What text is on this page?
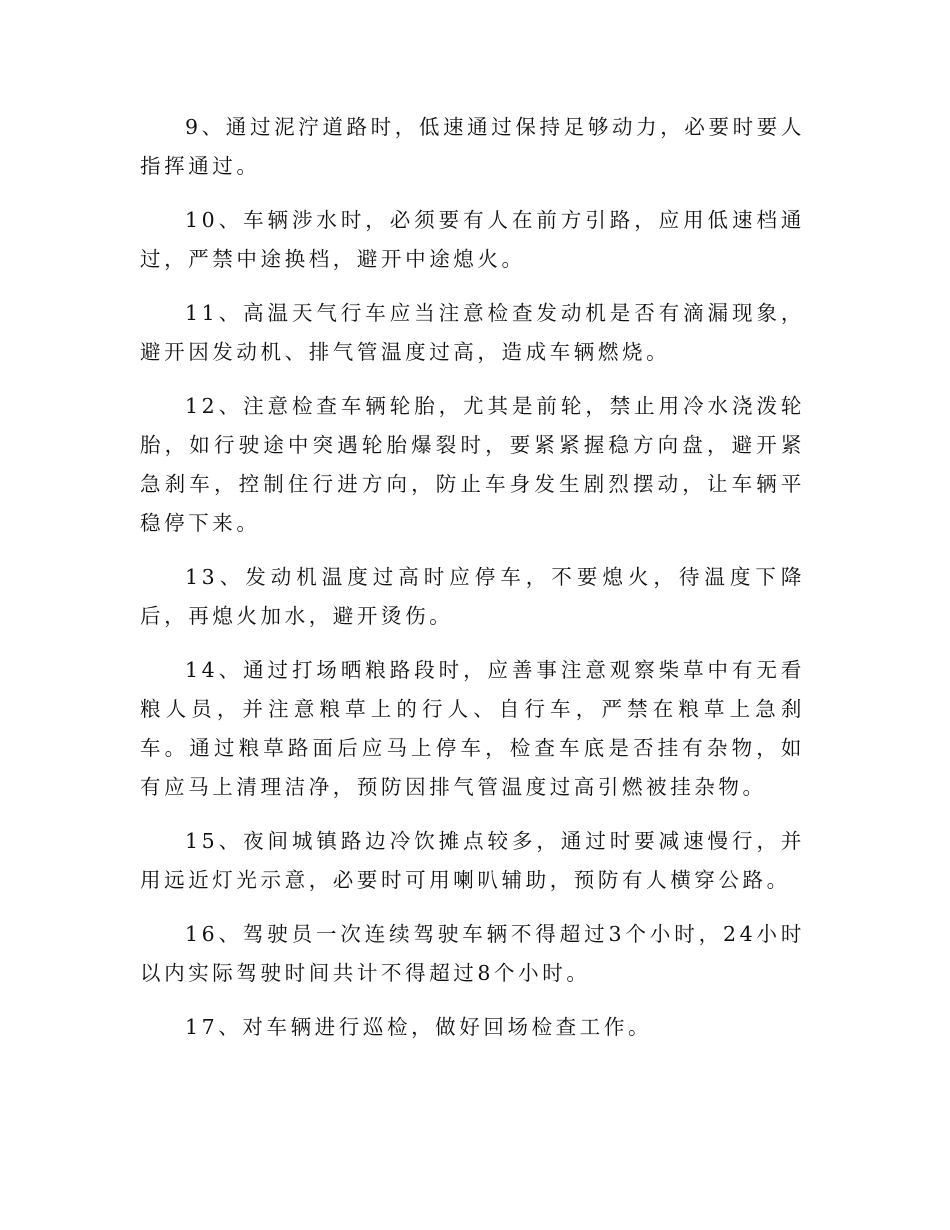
9、通过泥泞道路时，低速通过保持足够动力，必要时要人指挥通过。

10、车辆涉水时，必须要有人在前方引路，应用低速档通过，严禁中途换档，避开中途熄火。

11、高温天气行车应当注意检查发动机是否有滴漏现象，避开因发动机、排气管温度过高，造成车辆燃烧。

12、注意检查车辆轮胎，尤其是前轮，禁止用冷水浇泼轮胎，如行驶途中突遇轮胎爆裂时，要紧紧握稳方向盘，避开紧急刹车，控制住行进方向，防止车身发生剧烈摆动，让车辆平稳停下来。

13、发动机温度过高时应停车，不要熄火，待温度下降后，再熄火加水，避开烫伤。

14、通过打场晒粮路段时，应善事注意观察柴草中有无看粮人员，并注意粮草上的行人、自行车，严禁在粮草上急刹车。通过粮草路面后应马上停车，检查车底是否挂有杂物，如有应马上清理洁净，预防因排气管温度过高引燃被挂杂物。

15、夜间城镇路边冷饮摊点较多，通过时要减速慢行，并用远近灯光示意，必要时可用喇叭辅助，预防有人横穿公路。

16、驾驶员一次连续驾驶车辆不得超过3个小时，24小时以内实际驾驶时间共计不得超过8个小时。

17、对车辆进行巡检，做好回场检查工作。
